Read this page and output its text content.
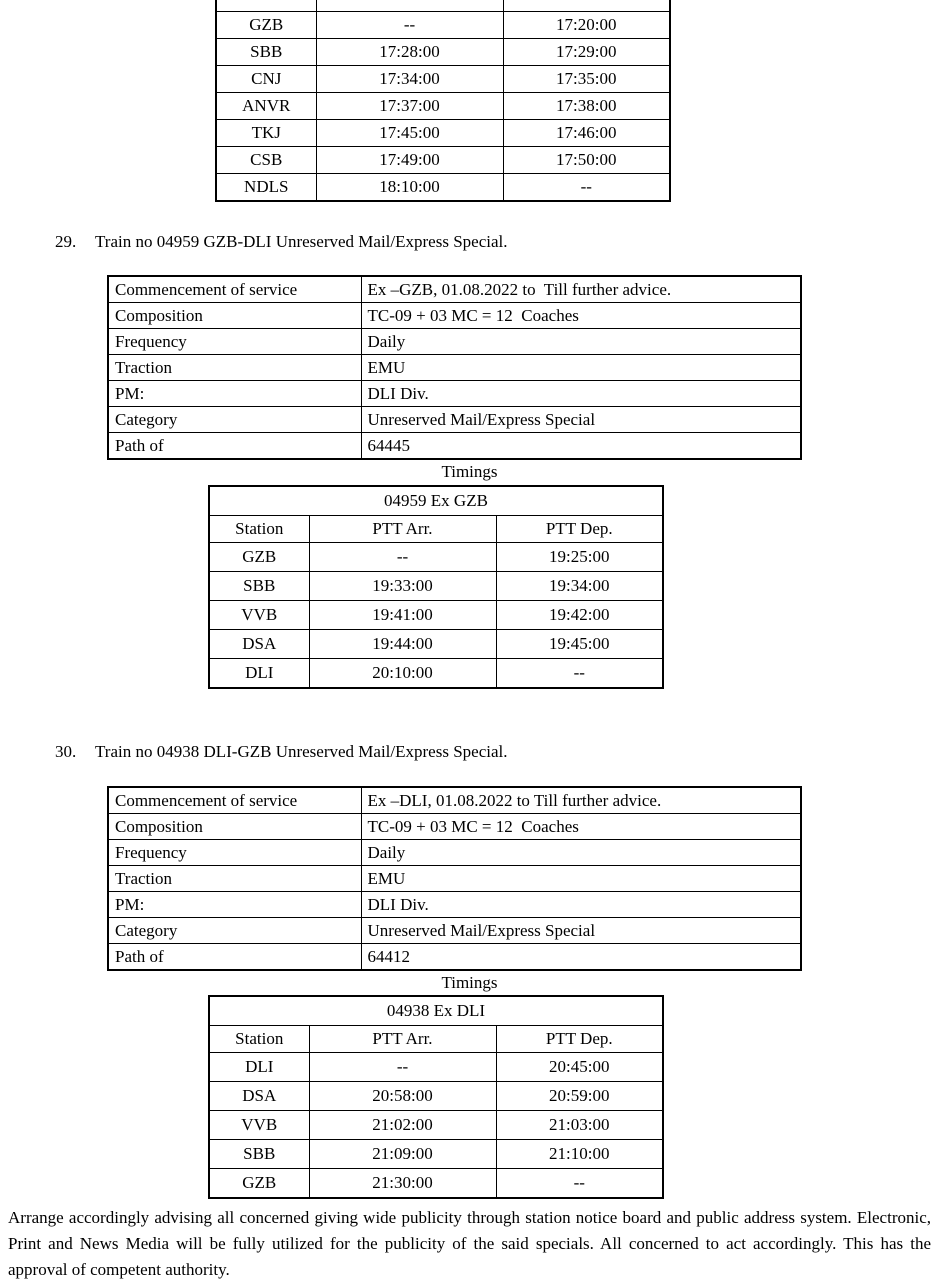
GZB	--	17:20:00
SBB	17:28:00	17:29:00
CNJ	17:34:00	17:35:00
ANVR	17:37:00	17:38:00
TKJ	17:45:00	17:46:00
CSB	17:49:00	17:50:00
NDLS	18:10:00	--
29.	Train no 04959 GZB-DLI Unreserved Mail/Express Special.
Commencement of service	Ex –GZB, 01.08.2022 to  Till further advice.
Composition	TC-09 + 03 MC = 12  Coaches
Frequency	Daily
Traction	EMU
PM:	DLI Div.
Category	Unreserved Mail/Express Special
Path of	64445
Timings
04959 Ex GZB		
Station	PTT Arr.	PTT Dep.
GZB	--	19:25:00
SBB	19:33:00	19:34:00
VVB	19:41:00	19:42:00
DSA	19:44:00	19:45:00
DLI	20:10:00	--
30.	Train no 04938 DLI-GZB Unreserved Mail/Express Special.
Commencement of service	Ex –DLI, 01.08.2022 to Till further advice.
Composition	TC-09 + 03 MC = 12  Coaches
Frequency	Daily
Traction	EMU
PM:	DLI Div.
Category	Unreserved Mail/Express Special
Path of	64412
Timings
04938 Ex DLI		
Station	PTT Arr.	PTT Dep.
DLI	--	20:45:00
DSA	20:58:00	20:59:00
VVB	21:02:00	21:03:00
SBB	21:09:00	21:10:00
GZB	21:30:00	--

Arrange accordingly advising all concerned giving wide publicity through station notice board and public address system. Electronic, Print and News Media will be fully utilized for the publicity of the said specials. All concerned to act accordingly. This has the approval of competent authority.
